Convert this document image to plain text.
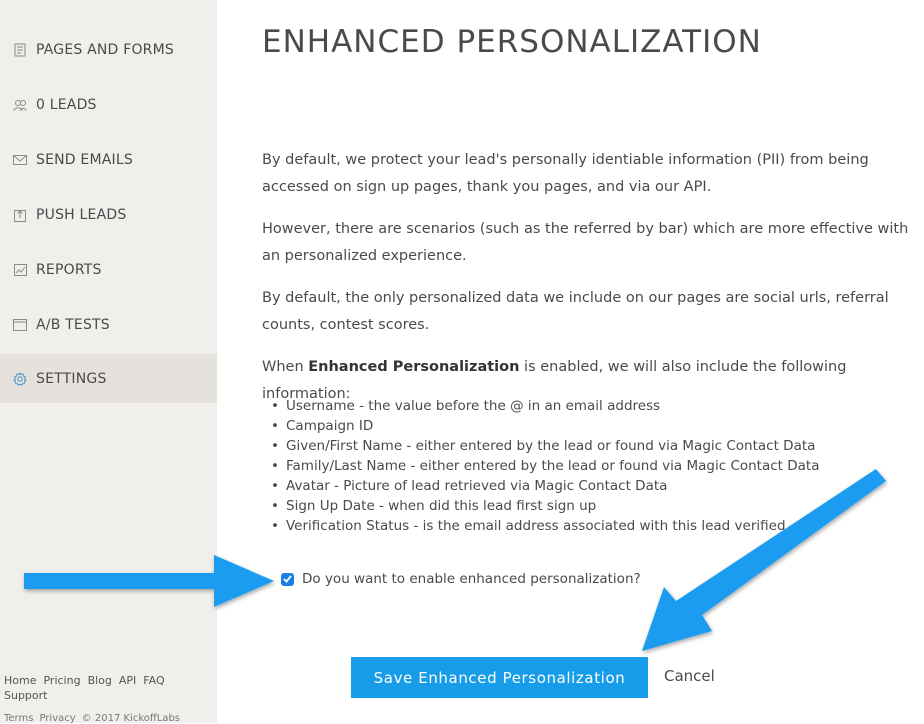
PAGES AND FORMS
0 LEADS
SEND EMAILS
PUSH LEADS
REPORTS
A/B TESTS
SETTINGS
Home Pricing Blog API FAQ
Support
Terms Privacy © 2017 KickoffLabs
ENHANCED PERSONALIZATION

By default, we protect your lead's personally identiable information (PII) from being accessed on sign up pages, thank you pages, and via our API.

However, there are scenarios (such as the referred by bar) which are more effective with an personalized experience.

By default, the only personalized data we include on our pages are social urls, referral counts, contest scores.

When Enhanced Personalization is enabled, we will also include the following information:

• Username - the value before the @ in an email address
• Campaign ID
• Given/First Name - either entered by the lead or found via Magic Contact Data
• Family/Last Name - either entered by the lead or found via Magic Contact Data
• Avatar - Picture of lead retrieved via Magic Contact Data
• Sign Up Date - when did this lead first sign up
• Verification Status - is the email address associated with this lead verified
Do you want to enable enhanced personalization?
Save Enhanced Personalization	Cancel
